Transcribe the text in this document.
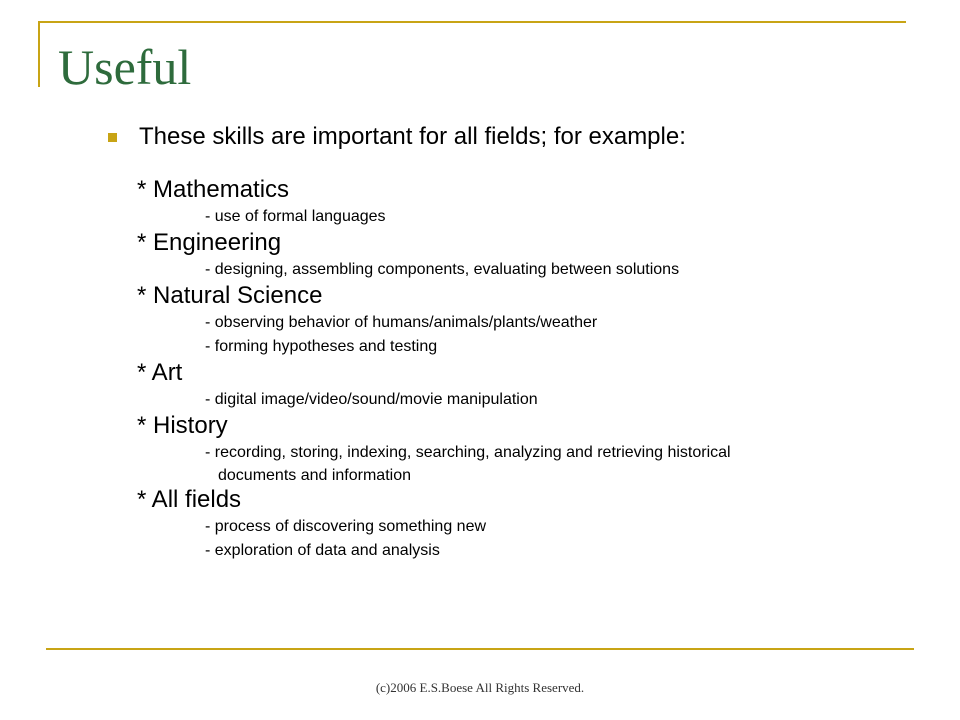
Useful
These skills are important for all fields; for example:
* Mathematics
- use of formal languages
* Engineering
- designing, assembling components, evaluating between solutions
* Natural Science
- observing behavior of humans/animals/plants/weather
- forming hypotheses and testing
* Art
- digital image/video/sound/movie manipulation
* History
- recording, storing, indexing, searching, analyzing and retrieving historical
documents and information
* All fields
- process of discovering something new
- exploration of data and analysis
(c)2006 E.S.Boese All Rights Reserved.
